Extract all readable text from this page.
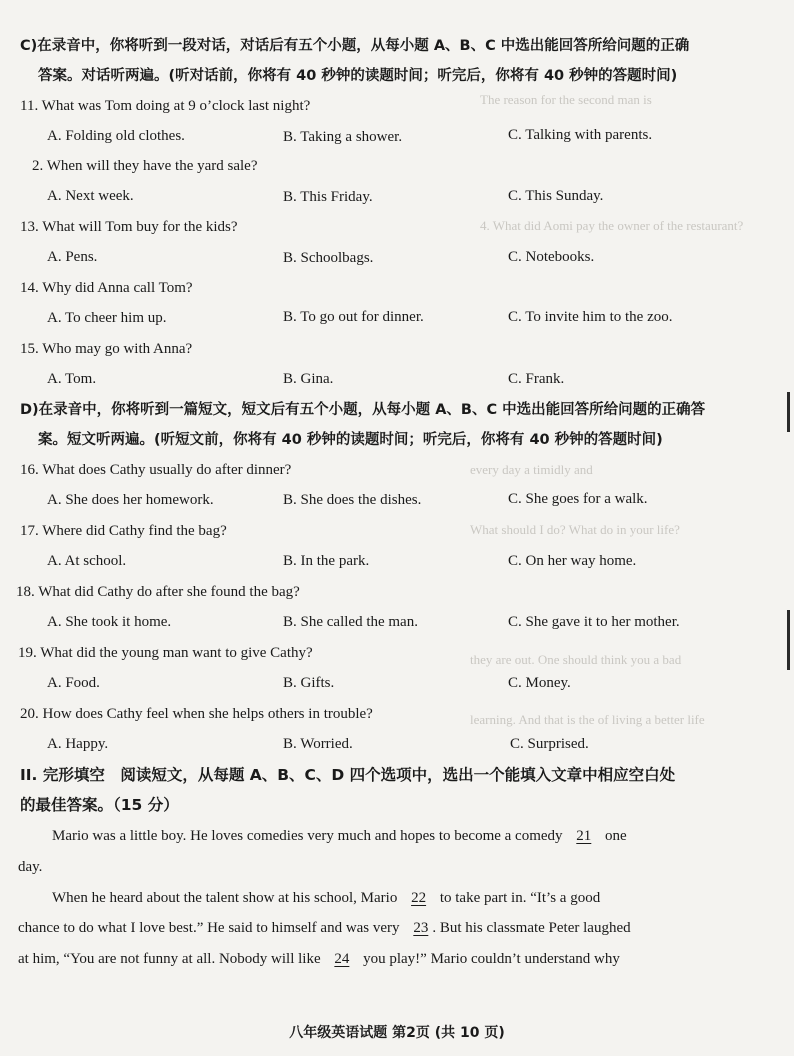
The reason for the second man is
4. What did Aomi pay the owner of the restaurant?
every day a timidly and
What should I do? What do in your life?
they are out. One should think you a bad
learning. And that is the of living a better life
C)在录音中，你将听到一段对话，对话后有五个小题，从每小题 A、B、C 中选出能回答所给问题的正确
答案。对话听两遍。(听对话前，你将有 40 秒钟的读题时间；听完后，你将有 40 秒钟的答题时间)
11. What was Tom doing at 9 o’clock last night?
A. Folding old clothes.	B. Taking a shower.	C. Talking with parents.
2. When will they have the yard sale?
A. Next week.	B. This Friday.	C. This Sunday.
13. What will Tom buy for the kids?
A. Pens.	B. Schoolbags.	C. Notebooks.
14. Why did Anna call Tom?
A. To cheer him up.	B. To go out for dinner.	C. To invite him to the zoo.
15. Who may go with Anna?
A. Tom.	B. Gina.	C. Frank.
D)在录音中，你将听到一篇短文，短文后有五个小题，从每小题 A、B、C 中选出能回答所给问题的正确答
案。短文听两遍。(听短文前，你将有 40 秒钟的读题时间；听完后，你将有 40 秒钟的答题时间)
16. What does Cathy usually do after dinner?
A. She does her homework.	B. She does the dishes.	C. She goes for a walk.
17. Where did Cathy find the bag?
A. At school.	B. In the park.	C. On her way home.
18. What did Cathy do after she found the bag?
A. She took it home.	B. She called the man.	C. She gave it to her mother.
19. What did the young man want to give Cathy?
A. Food.	B. Gifts.	C. Money.
20. How does Cathy feel when she helps others in trouble?
A. Happy.	B. Worried.	C. Surprised.
II. 完形填空　阅读短文，从每题 A、B、C、D 四个选项中，选出一个能填入文章中相应空白处
的最佳答案。（15 分）
Mario was a little boy. He loves comedies very much and hopes to become a comedy 21 one
day.
When he heard about the talent show at his school, Mario 22 to take part in. “It’s a good
chance to do what I love best.” He said to himself and was very 23 . But his classmate Peter laughed
at him, “You are not funny at all. Nobody will like 24 you play!” Mario couldn’t understand why
八年级英语试题 第2页 (共 10 页)
